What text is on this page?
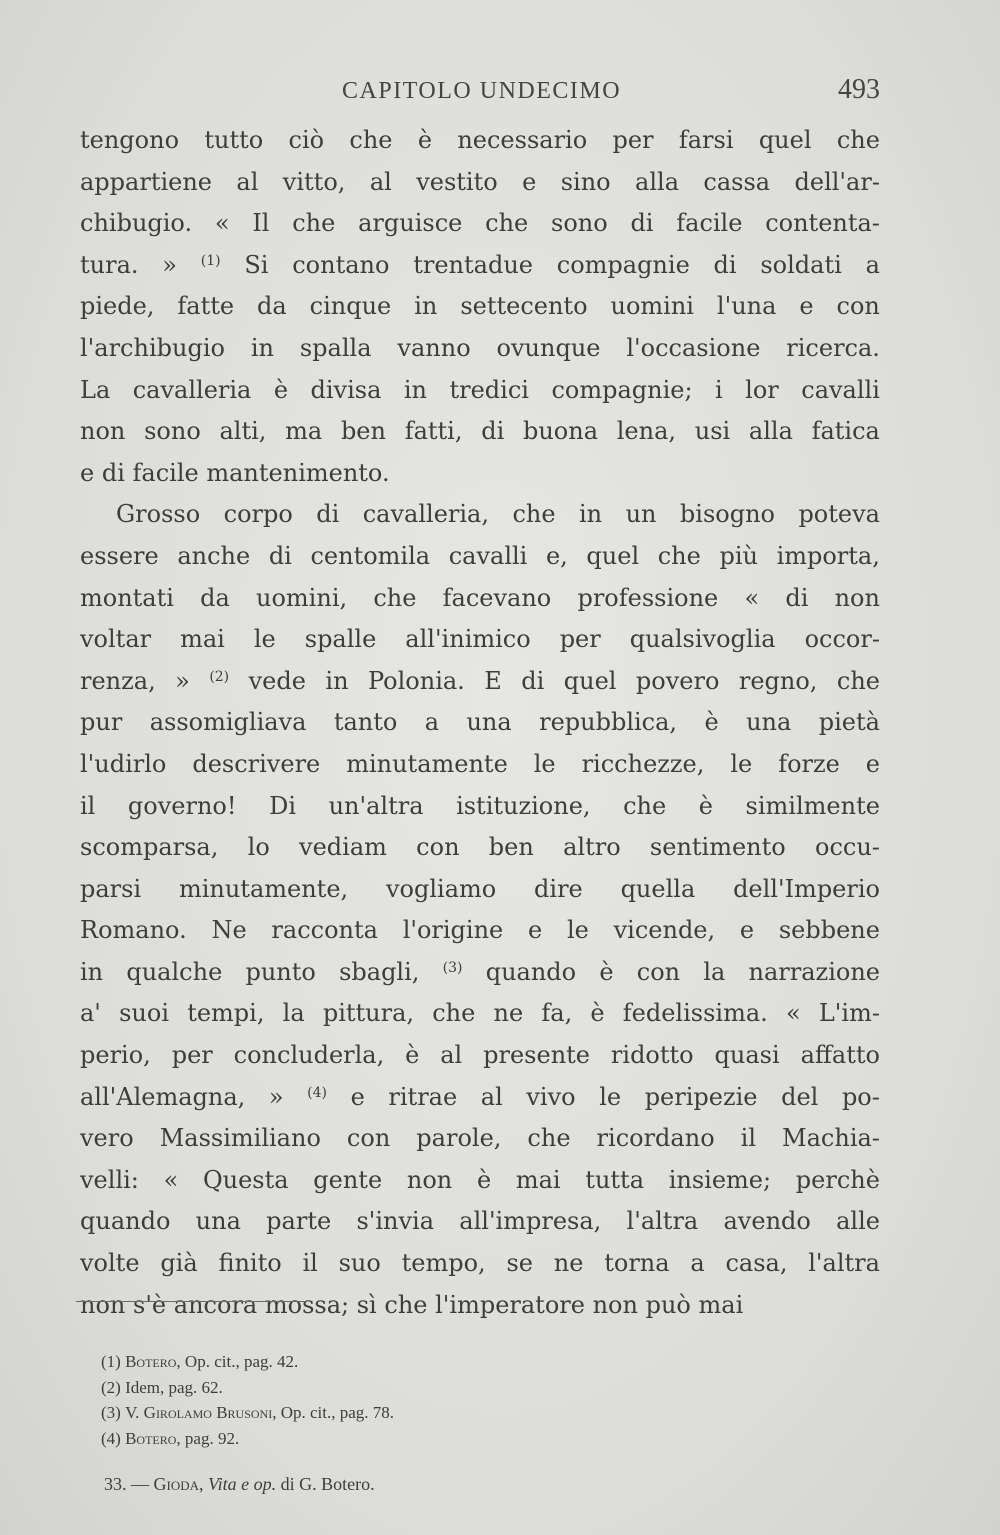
CAPITOLO UNDECIMO	493
tengono tutto ciò che è necessario per farsi quel che
appartiene al vitto, al vestito e sino alla cassa dell'ar-
chibugio. « Il che arguisce che sono di facile contenta-
tura. » (1) Si contano trentadue compagnie di soldati a
piede, fatte da cinque in settecento uomini l'una e con
l'archibugio in spalla vanno ovunque l'occasione ricerca.
La cavalleria è divisa in tredici compagnie; i lor cavalli
non sono alti, ma ben fatti, di buona lena, usi alla fatica
e
di
facile
mantenimento.
Grosso corpo di cavalleria, che in un bisogno poteva
essere anche di centomila cavalli e, quel che più importa,
montati da uomini, che facevano professione « di non
voltar mai le spalle all'inimico per qualsivoglia occor-
renza, » (2) vede in Polonia. E di quel povero regno, che
pur assomigliava tanto a una repubblica, è una pietà
l'udirlo descrivere minutamente le ricchezze, le forze e
il governo! Di un'altra istituzione, che è similmente
scomparsa, lo vediam con ben altro sentimento occu-
parsi minutamente, vogliamo dire quella dell'Imperio
Romano. Ne racconta l'origine e le vicende, e sebbene
in qualche punto sbagli, (3) quando è con la narrazione
a' suoi tempi, la pittura, che ne fa, è fedelissima. « L'im-
perio, per concluderla, è al presente ridotto quasi affatto
all'Alemagna, » (4) e ritrae al vivo le peripezie del po-
vero Massimiliano con parole, che ricordano il Machia-
velli: « Questa gente non è mai tutta insieme; perchè
quando una parte s'invia all'impresa, l'altra avendo alle
volte già finito il suo tempo, se ne torna a casa, l'altra
non
s'è
ancora
mossa;
sì
che
l'imperatore
non
può
mai
(1) Botero, Op. cit., pag. 42.
(2) Idem, pag. 62.
(3) V. Girolamo Brusoni, Op. cit., pag. 78.
(4) Botero, pag. 92.
33. — Gioda, Vita e op. di G. Botero.
